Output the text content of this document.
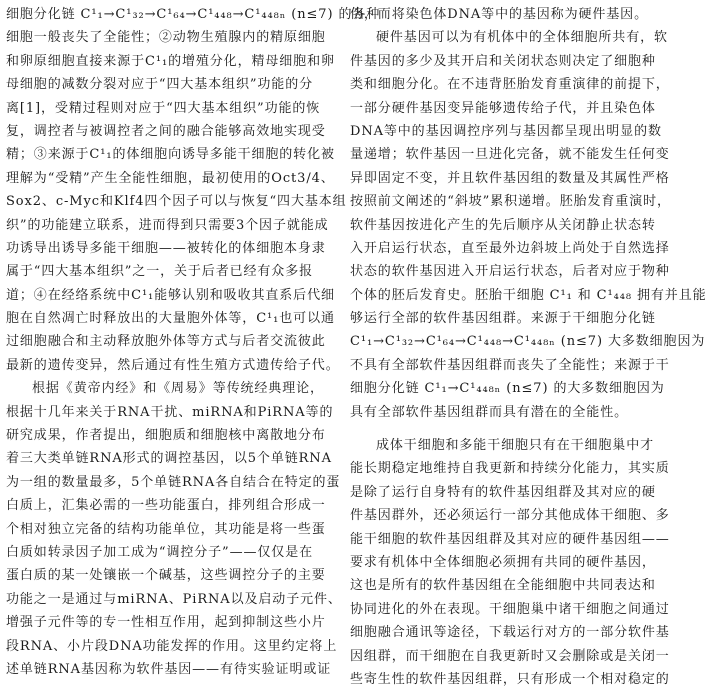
细胞分化链 C¹₁→C¹₃₂→C¹₆₄→C¹₄₄₈→C¹₄₄₈ₙ (n≤7) 的各种
细胞一般丧失了全能性；②动物生殖腺内的精原细胞
和卵原细胞直接来源于C¹₁的增殖分化，精母细胞和卵
母细胞的减数分裂对应于“四大基本组织”功能的分
离[1]，受精过程则对应于“四大基本组织”功能的恢
复，调控者与被调控者之间的融合能够高效地实现受
精；③来源于C¹₁的体细胞向诱导多能干细胞的转化被
理解为“受精”产生全能性细胞，最初使用的Oct3/4、
Sox2、c-Myc和Klf4四个因子可以与恢复“四大基本组
织”的功能建立联系，进而得到只需要3个因子就能成
功诱导出诱导多能干细胞——被转化的体细胞本身隶
属于“四大基本组织”之一，关于后者已经有众多报
道；④在经络系统中C¹₁能够认别和吸收其直系后代细
胞在自然凋亡时释放出的大量胞外体等，C¹₁也可以通
过细胞融合和主动释放胞外体等方式与后者交流彼此
最新的遗传变异，然后通过有性生殖方式遗传给子代。
根据《黄帝内经》和《周易》等传统经典理论，
根据十几年来关于RNA干扰、miRNA和PiRNA等的
研究成果，作者提出，细胞质和细胞核中离散地分布
着三大类单链RNA形式的调控基因，以5个单链RNA
为一组的数量最多，5个单链RNA各自结合在特定的蛋
白质上，汇集必需的一些功能蛋白，排列组合形成一
个相对独立完备的结构功能单位，其功能是将一些蛋
白质如转录因子加工成为“调控分子”——仅仅是在
蛋白质的某一处镶嵌一个碱基，这些调控分子的主要
功能之一是通过与miRNA、PiRNA以及启动子元件、
增强子元件等的专一性相互作用，起到抑制这些小片
段RNA、小片段DNA功能发挥的作用。这里约定将上
述单链RNA基因称为软件基因——有待实验证明或证
伪，而将染色体DNA等中的基因称为硬件基因。
硬件基因可以为有机体中的全体细胞所共有，软
件基因的多少及其开启和关闭状态则决定了细胞种
类和细胞分化。在不违背胚胎发育重演律的前提下，
一部分硬件基因变异能够遗传给子代，并且染色体
DNA等中的基因调控序列与基因都呈现出明显的数
量递增；软件基因一旦进化完备，就不能发生任何变
异即固定不变，并且软件基因组的数量及其属性严格
按照前文阐述的“斜坡”累积递增。胚胎发育重演时，
软件基因按进化产生的先后顺序从关闭静止状态转
入开启运行状态，直至最外边斜坡上尚处于自然选择
状态的软件基因进入开启运行状态，后者对应于物种
个体的胚后发育史。胚胎干细胞 C¹₁ 和 C¹₄₄₈ 拥有并且能
够运行全部的软件基因组群。来源于干细胞分化链
C¹₁→C¹₃₂→C¹₆₄→C¹₄₄₈→C¹₄₄₈ₙ (n≤7) 大多数细胞因为
不具有全部软件基因组群而丧失了全能性；来源于干
细胞分化链 C¹₁→C¹₄₄₈ₙ (n≤7) 的大多数细胞因为
具有全部软件基因组群而具有潜在的全能性。
成体干细胞和多能干细胞只有在干细胞巢中才
能长期稳定地维持自我更新和持续分化能力，其实质
是除了运行自身特有的软件基因组群及其对应的硬
件基因群外，还必须运行一部分其他成体干细胞、多
能干细胞的软件基因组群及其对应的硬件基因组——
要求有机体中全体细胞必须拥有共同的硬件基因，
这也是所有的软件基因组在全能细胞中共同表达和
协同进化的外在表现。干细胞巢中诸干细胞之间通过
细胞融合通讯等途径，下载运行对方的一部分软件基
因组群，而干细胞在自我更新时又会删除或是关闭一
些寄生性的软件基因组群，只有形成一个相对稳定的
